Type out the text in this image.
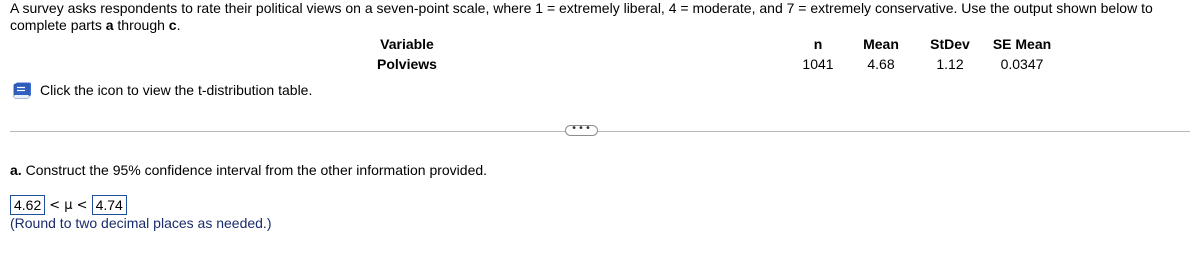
A survey asks respondents to rate their political views on a seven-point scale, where 1 = extremely liberal, 4 = moderate, and 7 = extremely conservative. Use the output shown below to complete parts a through c.
Variable		n	Mean	StDev	SE Mean
Polviews		1041	4.68	1.12	0.0347
Click the icon to view the t-distribution table.
•••
a. Construct the 95% confidence interval from the other information provided.
4.62 < μ < 4.74
(Round to two decimal places as needed.)
